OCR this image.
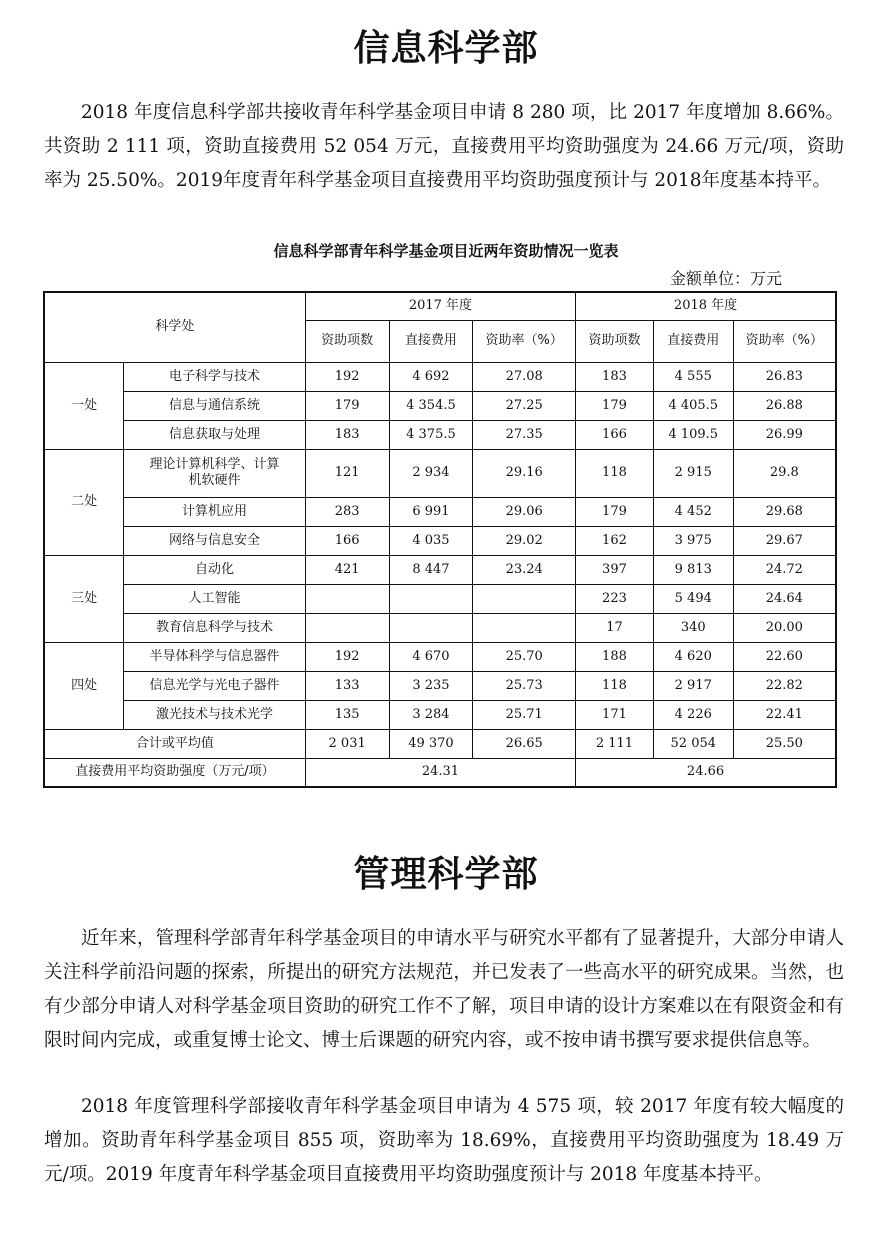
信息科学部
2018 年度信息科学部共接收青年科学基金项目申请 8 280 项，比 2017 年度增加 8.66%。共资助 2 111 项，资助直接费用 52 054 万元，直接费用平均资助强度为 24.66 万元/项，资助率为 25.50%。2019年度青年科学基金项目直接费用平均资助强度预计与 2018年度基本持平。
信息科学部青年科学基金项目近两年资助情况一览表
金额单位：万元
科学处		2017 年度			2018 年度		
		资助项数	直接费用	资助率（%）	资助项数	直接费用	资助率（%）
一处	电子科学与技术	192	4 692	27.08	183	4 555	26.83
	信息与通信系统	179	4 354.5	27.25	179	4 405.5	26.88
	信息获取与处理	183	4 375.5	27.35	166	4 109.5	26.99
二处	理论计算机科学、计算机软硬件	121	2 934	29.16	118	2 915	29.8
	计算机应用	283	6 991	29.06	179	4 452	29.68
	网络与信息安全	166	4 035	29.02	162	3 975	29.67
三处	自动化	421	8 447	23.24	397	9 813	24.72
	人工智能				223	5 494	24.64
	教育信息科学与技术				17	340	20.00
四处	半导体科学与信息器件	192	4 670	25.70	188	4 620	22.60
	信息光学与光电子器件	133	3 235	25.73	118	2 917	22.82
	激光技术与技术光学	135	3 284	25.71	171	4 226	22.41
合计或平均值		2 031	49 370	26.65	2 111	52 054	25.50
直接费用平均资助强度（万元/项）		24.31			24.66		
管理科学部
近年来，管理科学部青年科学基金项目的申请水平与研究水平都有了显著提升，大部分申请人关注科学前沿问题的探索，所提出的研究方法规范，并已发表了一些高水平的研究成果。当然，也有少部分申请人对科学基金项目资助的研究工作不了解，项目申请的设计方案难以在有限资金和有限时间内完成，或重复博士论文、博士后课题的研究内容，或不按申请书撰写要求提供信息等。
2018 年度管理科学部接收青年科学基金项目申请为 4 575 项，较 2017 年度有较大幅度的增加。资助青年科学基金项目 855 项，资助率为 18.69%，直接费用平均资助强度为 18.49 万元/项。2019 年度青年科学基金项目直接费用平均资助强度预计与 2018 年度基本持平。
